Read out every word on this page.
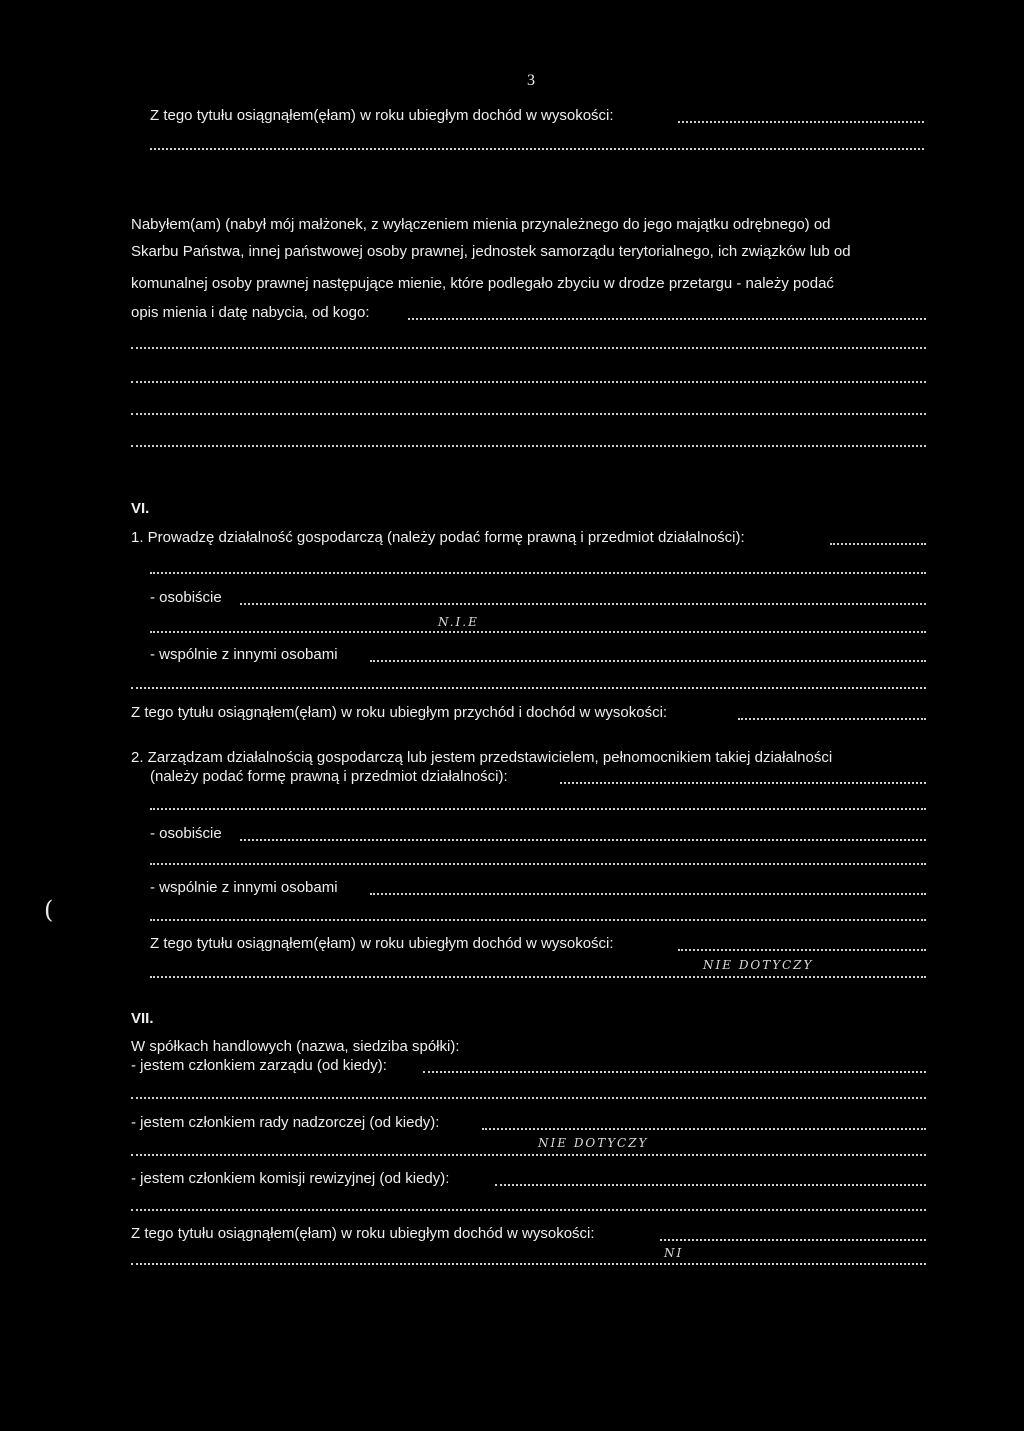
3
Z tego tytułu osiągnąłem(ęłam) w roku ubiegłym dochód w wysokości:
Nabyłem(am) (nabył mój małżonek, z wyłączeniem mienia przynależnego do jego majątku odrębnego) od
Skarbu Państwa, innej państwowej osoby prawnej, jednostek samorządu terytorialnego, ich związków lub od
komunalnej osoby prawnej następujące mienie, które podlegało zbyciu w drodze przetargu - należy podać
opis mienia i datę nabycia, od kogo:
VI.
1. Prowadzę działalność gospodarczą (należy podać formę prawną i przedmiot działalności):
- osobiście
N.I.E
- wspólnie z innymi osobami
Z tego tytułu osiągnąłem(ęłam) w roku ubiegłym przychód i dochód w wysokości:
2. Zarządzam działalnością gospodarczą lub jestem przedstawicielem, pełnomocnikiem takiej działalności
(należy podać formę prawną i przedmiot działalności):
- osobiście
- wspólnie z innymi osobami
Z tego tytułu osiągnąłem(ęłam) w roku ubiegłym dochód w wysokości:
NIE DOTYCZY
(
VII.
W spółkach handlowych (nazwa, siedziba spółki):
- jestem członkiem zarządu (od kiedy):
- jestem członkiem rady nadzorczej (od kiedy):
NIE DOTYCZY
- jestem członkiem komisji rewizyjnej (od kiedy):
Z tego tytułu osiągnąłem(ęłam) w roku ubiegłym dochód w wysokości:
NI
